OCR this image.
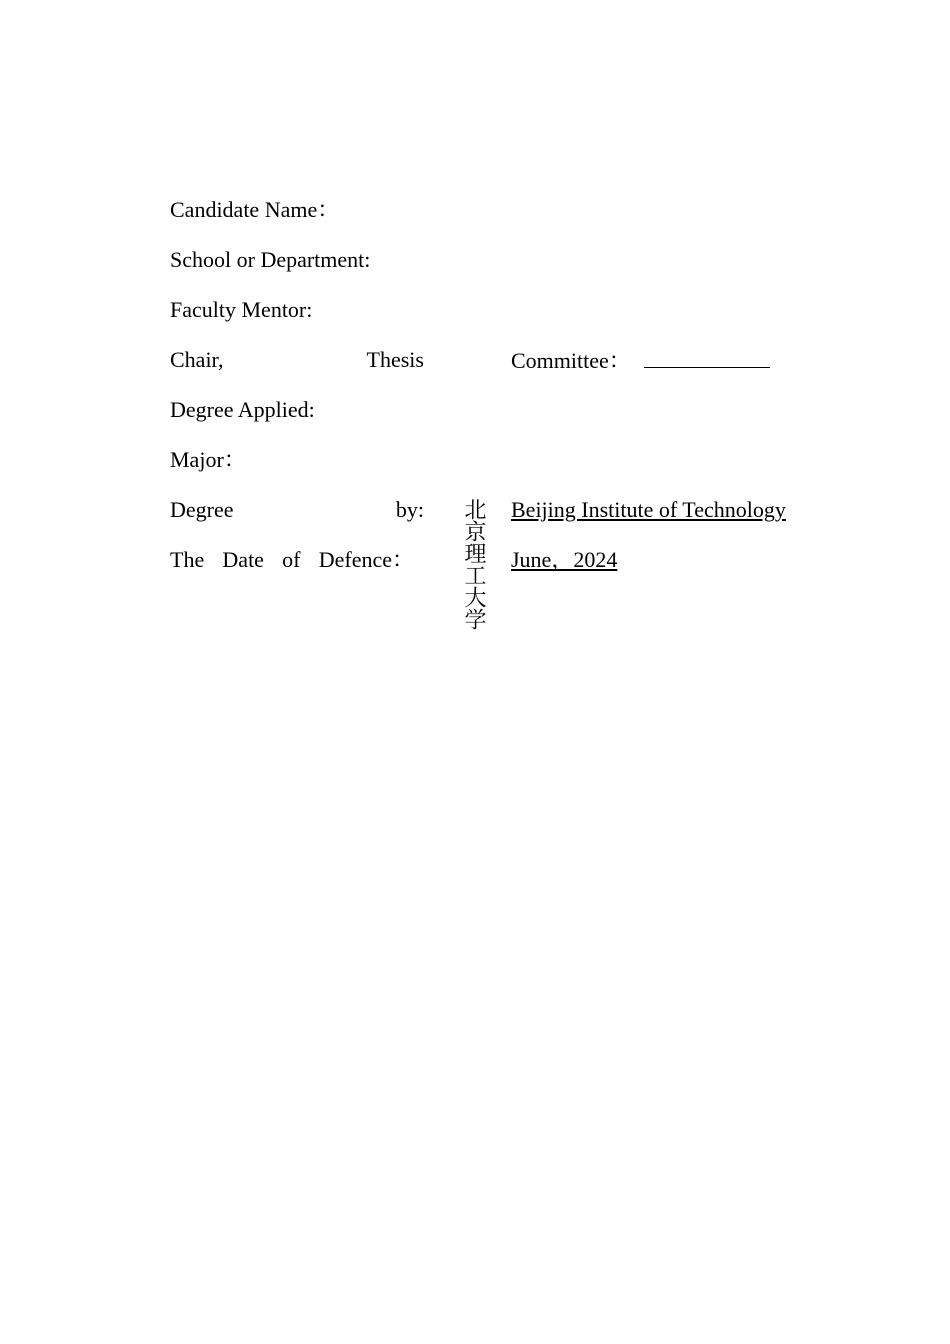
Candidate Name：
School or Department:
Faculty Mentor:
Chair,	Thesis	Committee：
Degree Applied:
Major：
Degree	by:	Beijing Institute of Technology
The Date of Defence：	June，2024
北京理工大学
